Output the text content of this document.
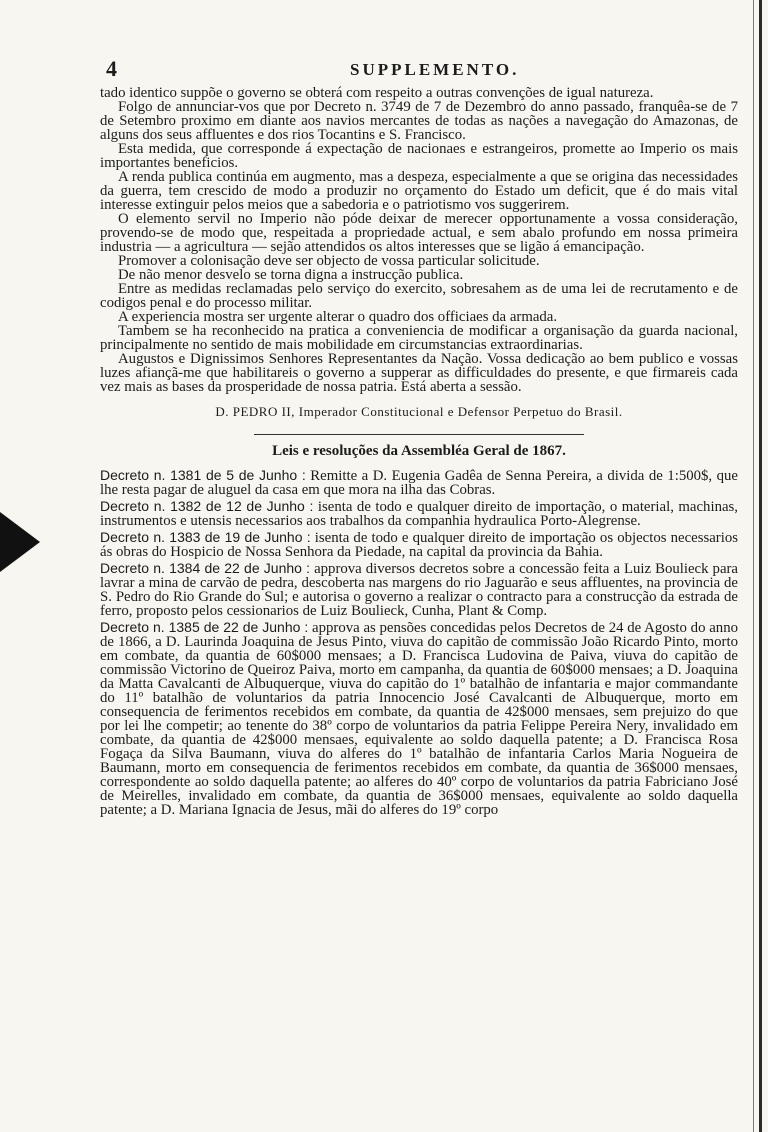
4	SUPPLEMENTO.

tado identico suppõe o governo se obterá com respeito a outras convenções de igual natureza.

Folgo de annunciar-vos que por Decreto n. 3749 de 7 de Dezembro do anno passado, franquêa-se de 7 de Setembro proximo em diante aos navios mercantes de todas as nações a navegação do Amazonas, de alguns dos seus affluentes e dos rios Tocantins e S. Francisco.

Esta medida, que corresponde á expectação de nacionaes e estrangeiros, promette ao Imperio os mais importantes beneficios.

A renda publica continúa em augmento, mas a despeza, especialmente a que se origina das necessidades da guerra, tem crescido de modo a produzir no orçamento do Estado um deficit, que é do mais vital interesse extinguir pelos meios que a sabedoria e o patriotismo vos suggerirem.

O elemento servil no Imperio não póde deixar de merecer opportunamente a vossa consideração, provendo-se de modo que, respeitada a propriedade actual, e sem abalo profundo em nossa primeira industria — a agricultura — sejão attendidos os altos interesses que se ligão á emancipação.

Promover a colonisação deve ser objecto de vossa particular solicitude.

De não menor desvelo se torna digna a instrucção publica.

Entre as medidas reclamadas pelo serviço do exercito, sobresahem as de uma lei de recrutamento e de codigos penal e do processo militar.

A experiencia mostra ser urgente alterar o quadro dos officiaes da armada.

Tambem se ha reconhecido na pratica a conveniencia de modificar a organisação da guarda nacional, principalmente no sentido de mais mobilidade em circumstancias extraordinarias.

Augustos e Dignissimos Senhores Representantes da Nação. Vossa dedicação ao bem publico e vossas luzes afiançã-me que habilitareis o governo a supperar as difficuldades do presente, e que firmareis cada vez mais as bases da prosperidade de nossa patria. Está aberta a sessão.

D. PEDRO II, Imperador Constitucional e Defensor Perpetuo do Brasil.
Leis e resoluções da Assembléa Geral de 1867.

Decreto n. 1381 de 5 de Junho : Remitte a D. Eugenia Gadêa de Senna Pereira, a divida de 1:500$, que lhe resta pagar de aluguel da casa em que mora na ilha das Cobras.

Decreto n. 1382 de 12 de Junho : isenta de todo e qualquer direito de importação, o material, machinas, instrumentos e utensis necessarios aos trabalhos da companhia hydraulica Porto-Alegrense.

Decreto n. 1383 de 19 de Junho : isenta de todo e qualquer direito de importação os objectos necessarios ás obras do Hospicio de Nossa Senhora da Piedade, na capital da provincia da Bahia.

Decreto n. 1384 de 22 de Junho : approva diversos decretos sobre a concessão feita a Luiz Boulieck para lavrar a mina de carvão de pedra, descoberta nas margens do rio Jaguarão e seus affluentes, na provincia de S. Pedro do Rio Grande do Sul; e autorisa o governo a realizar o contracto para a construcção da estrada de ferro, proposto pelos cessionarios de Luiz Boulieck, Cunha, Plant & Comp.

Decreto n. 1385 de 22 de Junho : approva as pensões concedidas pelos Decretos de 24 de Agosto do anno de 1866, a D. Laurinda Joaquina de Jesus Pinto, viuva do capitão de commissão João Ricardo Pinto, morto em combate, da quantia de 60$000 mensaes; a D. Francisca Ludovina de Paiva, viuva do capitão de commissão Victorino de Queiroz Paiva, morto em campanha, da quantia de 60$000 mensaes; a D. Joaquina da Matta Cavalcanti de Albuquerque, viuva do capitão do 1º batalhão de infantaria e major commandante do 11º batalhão de voluntarios da patria Innocencio José Cavalcanti de Albuquerque, morto em consequencia de ferimentos recebidos em combate, da quantia de 42$000 mensaes, sem prejuizo do que por lei lhe competir; ao tenente do 38º corpo de voluntarios da patria Felippe Pereira Nery, invalidado em combate, da quantia de 42$000 mensaes, equivalente ao soldo daquella patente; a D. Francisca Rosa Fogaça da Silva Baumann, viuva do alferes do 1º batalhão de infantaria Carlos Maria Nogueira de Baumann, morto em consequencia de ferimentos recebidos em combate, da quantia de 36$000 mensaes, correspondente ao soldo daquella patente; ao alferes do 40º corpo de voluntarios da patria Fabriciano José de Meirelles, invalidado em combate, da quantia de 36$000 mensaes, equivalente ao soldo daquella patente; a D. Mariana Ignacia de Jesus, mãi do alferes do 19º corpo
